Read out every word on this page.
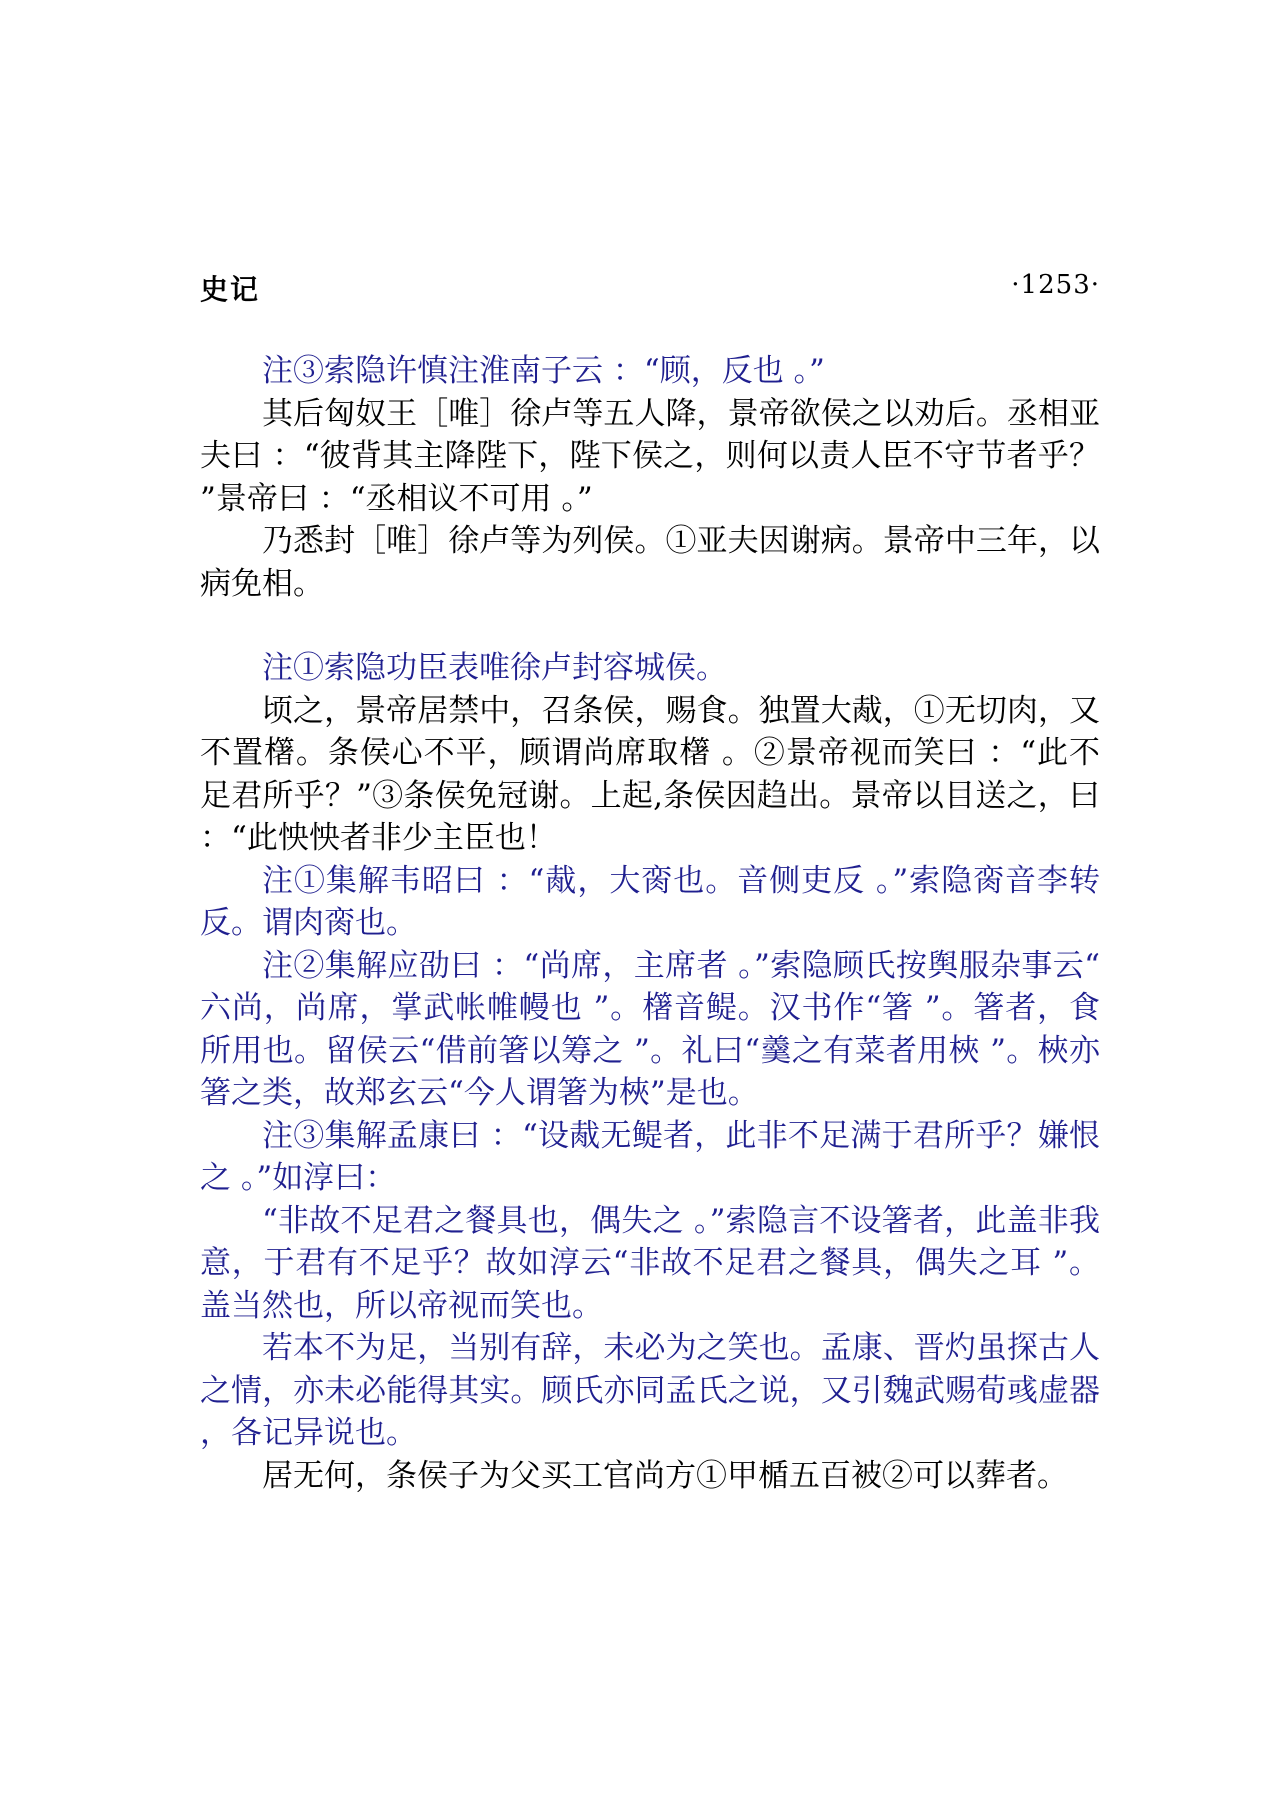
史记	·1253·

注③索隐许慎注淮南子云 ：“顾，反也 。”

其后匈奴王［唯］徐卢等五人降，景帝欲侯之以劝后。丞相亚夫曰 ：“彼背其主降陛下，陛下侯之，则何以责人臣不守节者乎？”景帝曰 ：“丞相议不可用 。”

乃悉封［唯］徐卢等为列侯。①亚夫因谢病。景帝中三年，以病免相。

注①索隐功臣表唯徐卢封容城侯。

顷之，景帝居禁中，召条侯，赐食。独置大胾，①无切肉，又不置櫡。条侯心不平，顾谓尚席取櫡 。②景帝视而笑曰 ：“此不足君所乎？”③条侯免冠谢。上起,条侯因趋出。景帝以目送之，曰 ：“此怏怏者非少主臣也！

注①集解韦昭曰 ：“胾，大脔也。音侧吏反 。”索隐脔音李转反。谓肉脔也。

注②集解应劭曰 ：“尚席，主席者 。”索隐顾氏按舆服杂事云“六尚，尚席，掌武帐帷幔也 ”。櫡音鳀。汉书作“箸 ”。箸者，食所用也。留侯云“借前箸以筹之 ”。礼曰“羹之有菜者用梜 ”。梜亦箸之类，故郑玄云“今人谓箸为梜”是也。

注③集解孟康曰 ：“设胾无鳀者，此非不足满于君所乎？嫌恨之 。”如淳曰：

“非故不足君之餐具也，偶失之 。”索隐言不设箸者，此盖非我意，于君有不足乎？故如淳云“非故不足君之餐具，偶失之耳 ”。盖当然也，所以帝视而笑也。

若本不为足，当别有辞，未必为之笑也。孟康、晋灼虽探古人之情，亦未必能得其实。顾氏亦同孟氏之说，又引魏武赐荀彧虚器，各记异说也。

居无何，条侯子为父买工官尚方①甲楯五百被②可以葬者。
